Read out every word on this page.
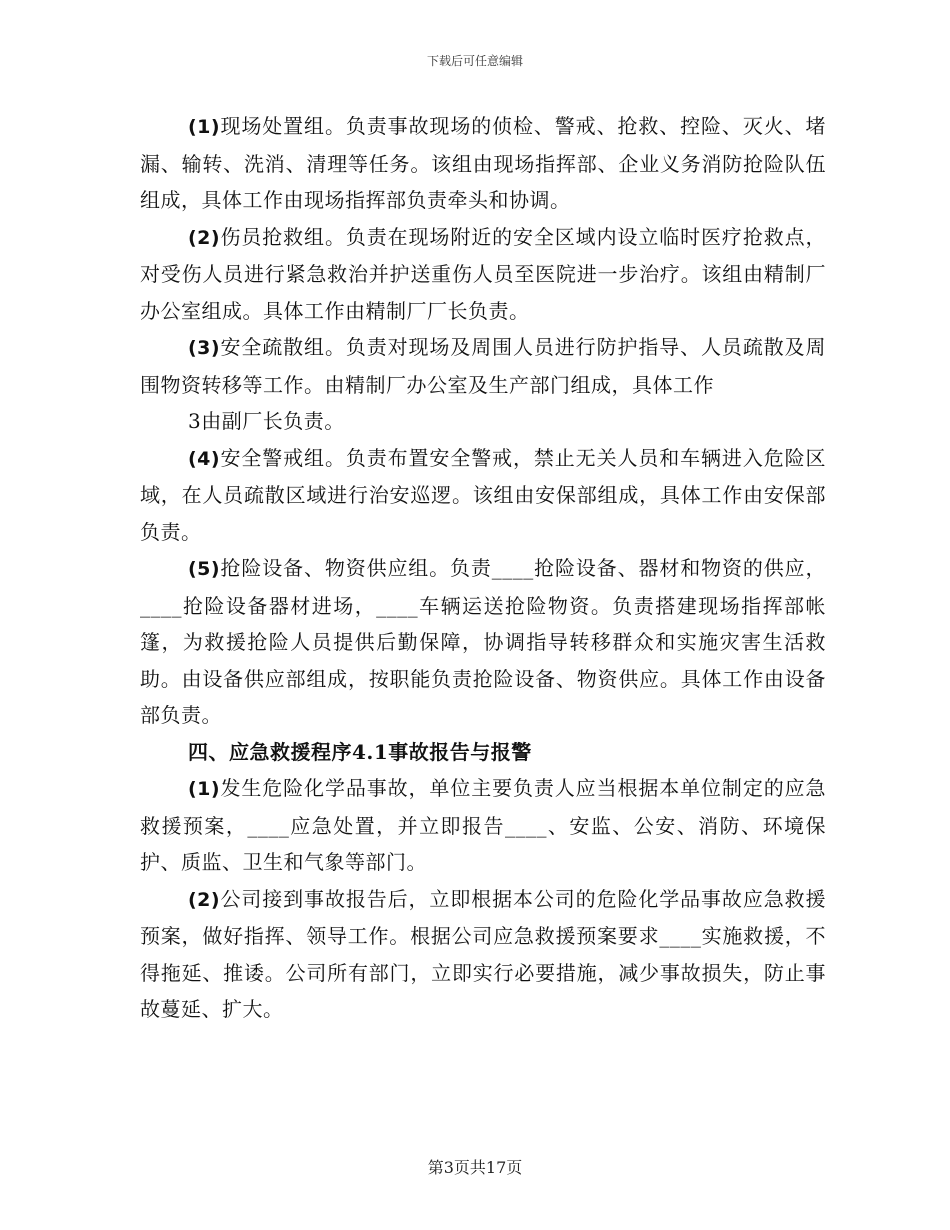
下载后可任意编辑

(1)现场处置组。负责事故现场的侦检、警戒、抢救、控险、灭火、堵漏、输转、洗消、清理等任务。该组由现场指挥部、企业义务消防抢险队伍组成，具体工作由现场指挥部负责牵头和协调。

(2)伤员抢救组。负责在现场附近的安全区域内设立临时医疗抢救点，对受伤人员进行紧急救治并护送重伤人员至医院进一步治疗。该组由精制厂办公室组成。具体工作由精制厂厂长负责。

(3)安全疏散组。负责对现场及周围人员进行防护指导、人员疏散及周围物资转移等工作。由精制厂办公室及生产部门组成，具体工作

3由副厂长负责。

(4)安全警戒组。负责布置安全警戒，禁止无关人员和车辆进入危险区域，在人员疏散区域进行治安巡逻。该组由安保部组成，具体工作由安保部负责。

(5)抢险设备、物资供应组。负责____抢险设备、器材和物资的供应，____抢险设备器材进场，____车辆运送抢险物资。负责搭建现场指挥部帐篷，为救援抢险人员提供后勤保障，协调指导转移群众和实施灾害生活救助。由设备供应部组成，按职能负责抢险设备、物资供应。具体工作由设备部负责。

四、应急救援程序4.1事故报告与报警

(1)发生危险化学品事故，单位主要负责人应当根据本单位制定的应急救援预案，____应急处置，并立即报告____、安监、公安、消防、环境保护、质监、卫生和气象等部门。

(2)公司接到事故报告后，立即根据本公司的危险化学品事故应急救援预案，做好指挥、领导工作。根据公司应急救援预案要求____实施救援，不得拖延、推诿。公司所有部门，立即实行必要措施，减少事故损失，防止事故蔓延、扩大。

第3页共17页
